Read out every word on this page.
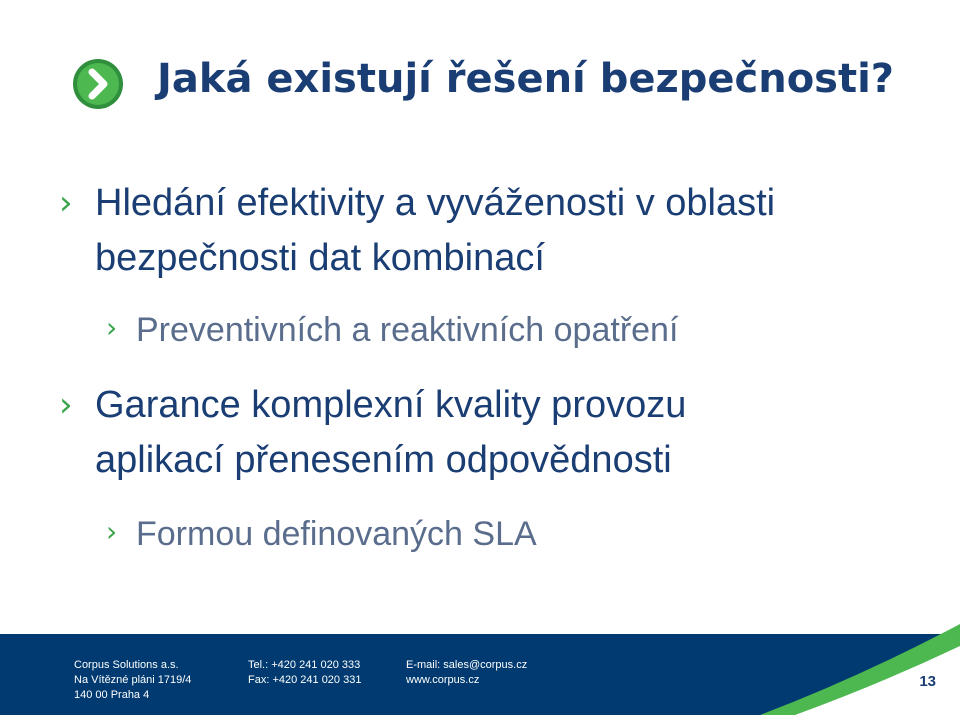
Jaká existují řešení bezpečnosti?
› Hledání efektivity a vyváženosti v oblasti
bezpečnosti dat kombinací
› Preventivních a reaktivních opatření
› Garance komplexní kvality provozu
aplikací přenesením odpovědnosti
› Formou definovaných SLA
Corpus Solutions a.s.
Na Vítězné pláni 1719/4
140 00 Praha 4
Tel.: +420 241 020 333
Fax: +420 241 020 331
E-mail: sales@corpus.cz
www.corpus.cz	13
